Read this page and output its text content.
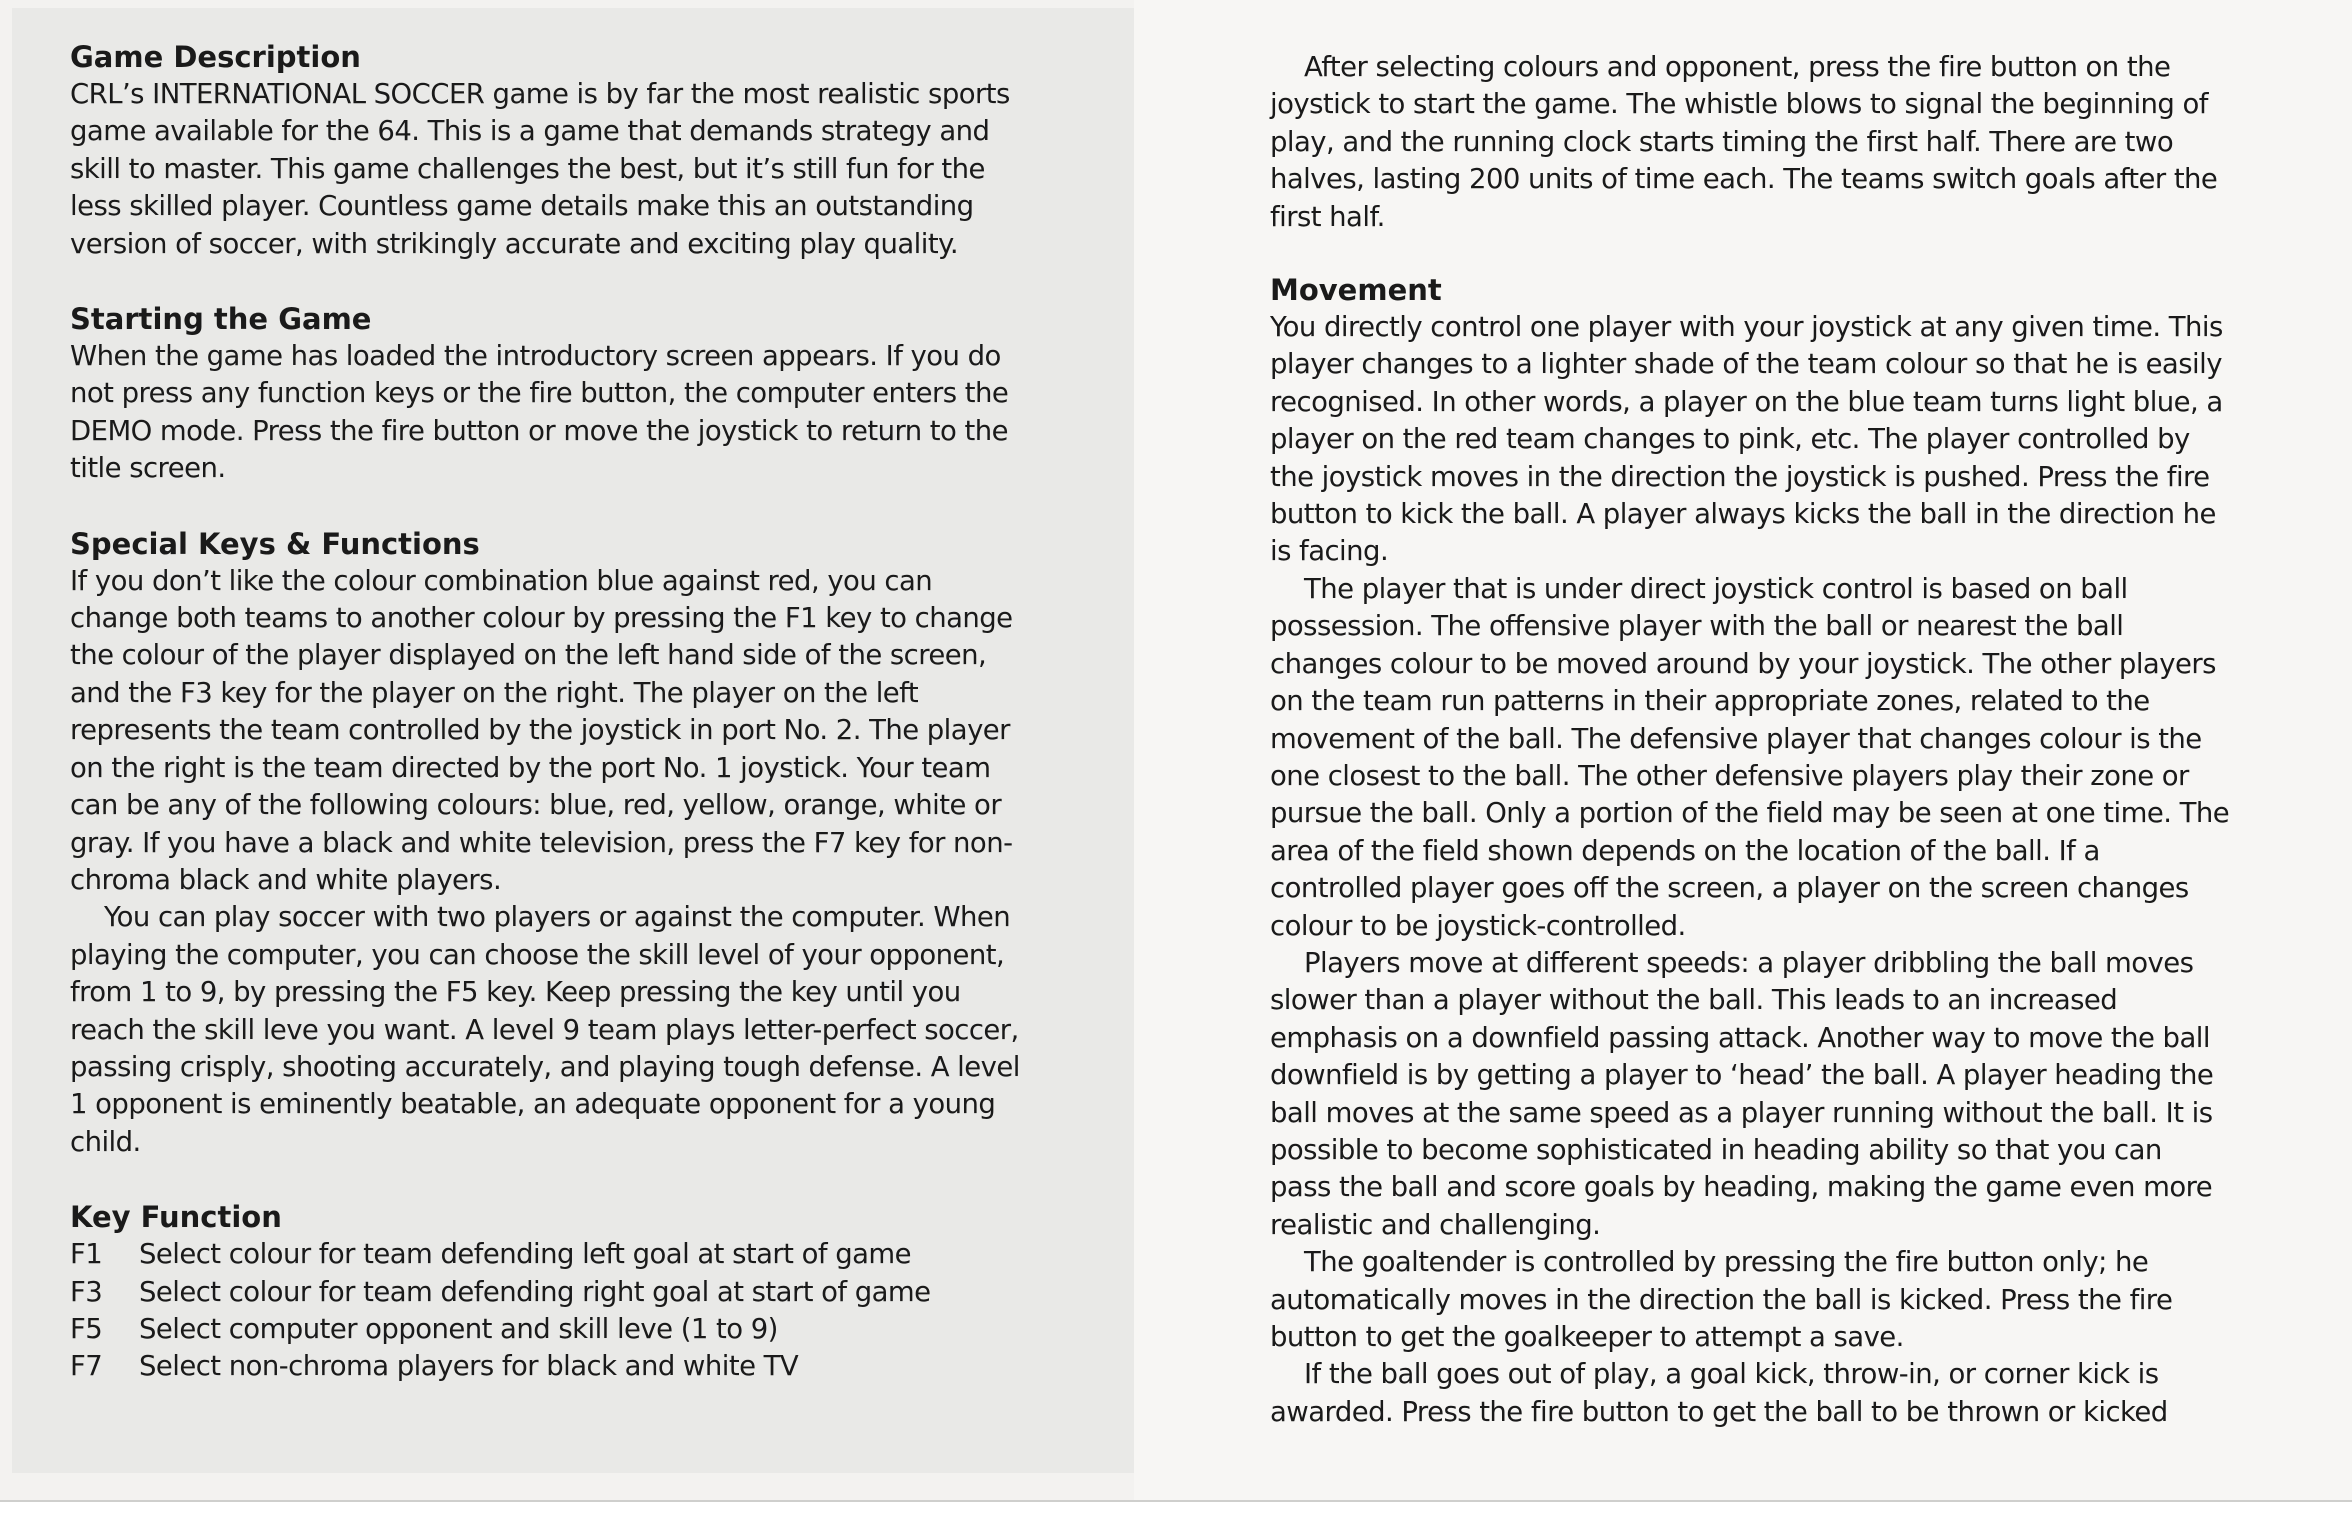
Game Description

CRL’s INTERNATIONAL SOCCER game is by far the most realistic sports game available for the 64. This is a game that demands strategy and skill to master. This game challenges the best, but it’s still fun for the less skilled player. Countless game details make this an outstanding version of soccer, with strikingly accurate and exciting play quality.

Starting the Game

When the game has loaded the introductory screen appears. If you do not press any function keys or the fire button, the computer enters the DEMO mode. Press the fire button or move the joystick to return to the title screen.

Special Keys & Functions

If you don’t like the colour combination blue against red, you can change both teams to another colour by pressing the F1 key to change the colour of the player displayed on the left hand side of the screen, and the F3 key for the player on the right. The player on the left represents the team controlled by the joystick in port No. 2. The player on the right is the team directed by the port No. 1 joystick. Your team can be any of the following colours: blue, red, yellow, orange, white or gray. If you have a black and white television, press the F7 key for non-chroma black and white players.

You can play soccer with two players or against the computer. When playing the computer, you can choose the skill level of your opponent, from 1 to 9, by pressing the F5 key. Keep pressing the key until you reach the skill leve you want. A level 9 team plays letter-perfect soccer, passing crisply, shooting accurately, and playing tough defense. A level 1 opponent is eminently beatable, an adequate opponent for a young child.

Key Function
F1	Select colour for team defending left goal at start of game
F3	Select colour for team defending right goal at start of game
F5	Select computer opponent and skill leve (1 to 9)
F7	Select non-chroma players for black and white TV

After selecting colours and opponent, press the fire button on the joystick to start the game. The whistle blows to signal the beginning of play, and the running clock starts timing the first half. There are two halves, lasting 200 units of time each. The teams switch goals after the first half.

Movement

You directly control one player with your joystick at any given time. This player changes to a lighter shade of the team colour so that he is easily recognised. In other words, a player on the blue team turns light blue, a player on the red team changes to pink, etc. The player controlled by the joystick moves in the direction the joystick is pushed. Press the fire button to kick the ball. A player always kicks the ball in the direction he is facing.

The player that is under direct joystick control is based on ball possession. The offensive player with the ball or nearest the ball changes colour to be moved around by your joystick. The other players on the team run patterns in their appropriate zones, related to the movement of the ball. The defensive player that changes colour is the one closest to the ball. The other defensive players play their zone or pursue the ball. Only a portion of the field may be seen at one time. The area of the field shown depends on the location of the ball. If a controlled player goes off the screen, a player on the screen changes colour to be joystick-controlled.

Players move at different speeds: a player dribbling the ball moves slower than a player without the ball. This leads to an increased emphasis on a downfield passing attack. Another way to move the ball downfield is by getting a player to ‘head’ the ball. A player heading the ball moves at the same speed as a player running without the ball. It is possible to become sophisticated in heading ability so that you can pass the ball and score goals by heading, making the game even more realistic and challenging.

The goaltender is controlled by pressing the fire button only; he automatically moves in the direction the ball is kicked. Press the fire button to get the goalkeeper to attempt a save.

If the ball goes out of play, a goal kick, throw-in, or corner kick is awarded. Press the fire button to get the ball to be thrown or kicked
